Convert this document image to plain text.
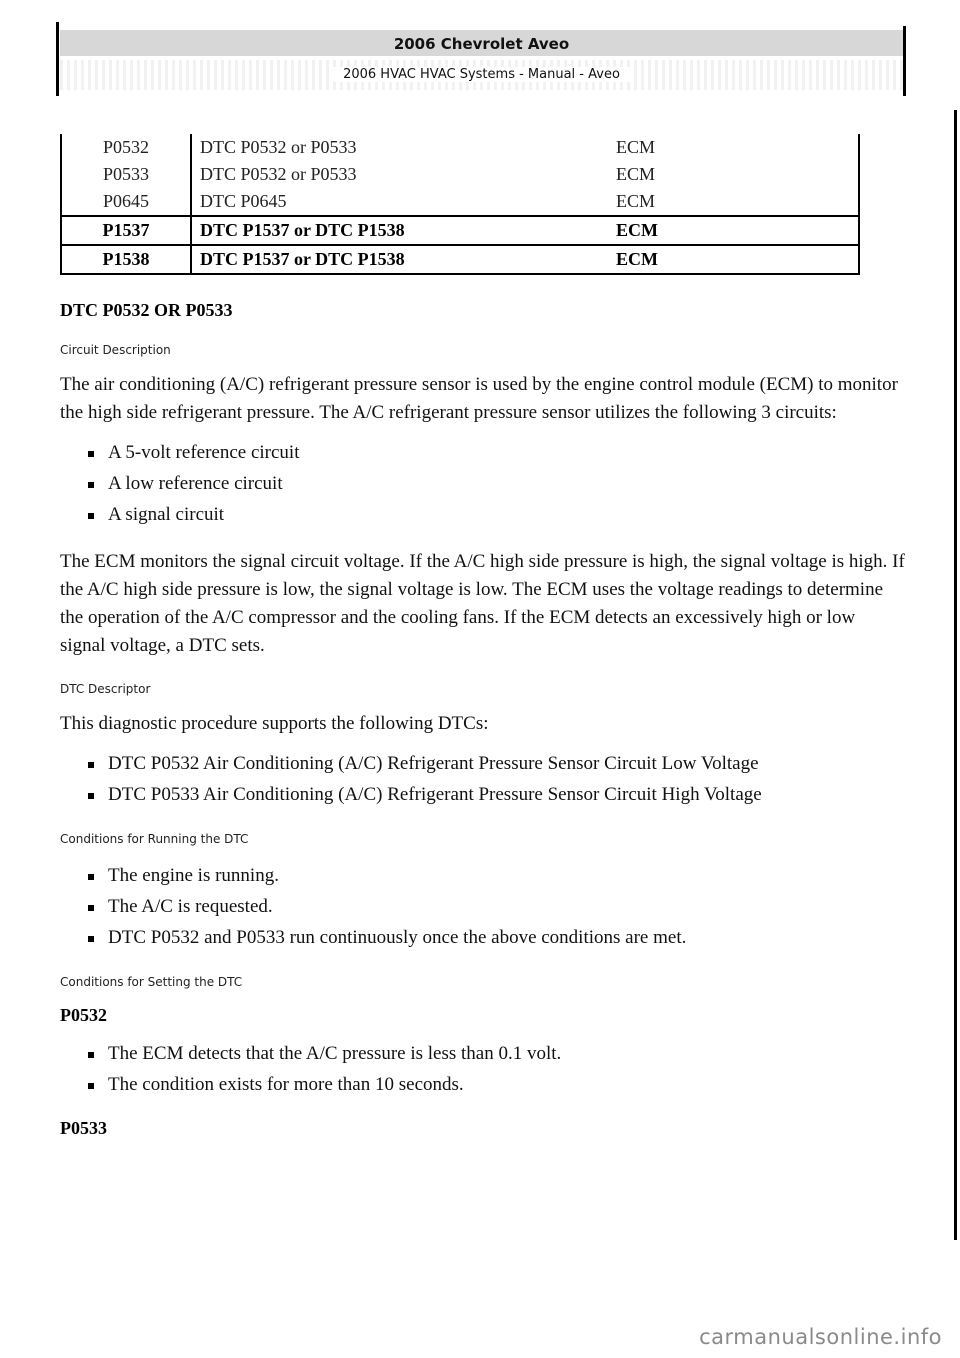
2006 Chevrolet Aveo
2006 HVAC HVAC Systems - Manual - Aveo
P0532	DTC P0532 or P0533	ECM
P0533	DTC P0532 or P0533	ECM
P0645	DTC P0645	ECM
P1537	DTC P1537 or DTC P1538	ECM
P1538	DTC P1537 or DTC P1538	ECM
DTC P0532 OR P0533
Circuit Description

The air conditioning (A/C) refrigerant pressure sensor is used by the engine control module (ECM) to monitor the high side refrigerant pressure. The A/C refrigerant pressure sensor utilizes the following 3 circuits:

A 5-volt reference circuit
A low reference circuit
A signal circuit

The ECM monitors the signal circuit voltage. If the A/C high side pressure is high, the signal voltage is high. If the A/C high side pressure is low, the signal voltage is low. The ECM uses the voltage readings to determine the operation of the A/C compressor and the cooling fans. If the ECM detects an excessively high or low signal voltage, a DTC sets.

DTC Descriptor

This diagnostic procedure supports the following DTCs:

DTC P0532 Air Conditioning (A/C) Refrigerant Pressure Sensor Circuit Low Voltage
DTC P0533 Air Conditioning (A/C) Refrigerant Pressure Sensor Circuit High Voltage
Conditions for Running the DTC
The engine is running.
The A/C is requested.
DTC P0532 and P0533 run continuously once the above conditions are met.
Conditions for Setting the DTC
P0532
The ECM detects that the A/C pressure is less than 0.1 volt.
The condition exists for more than 10 seconds.
P0533
carmanualsonline.info
